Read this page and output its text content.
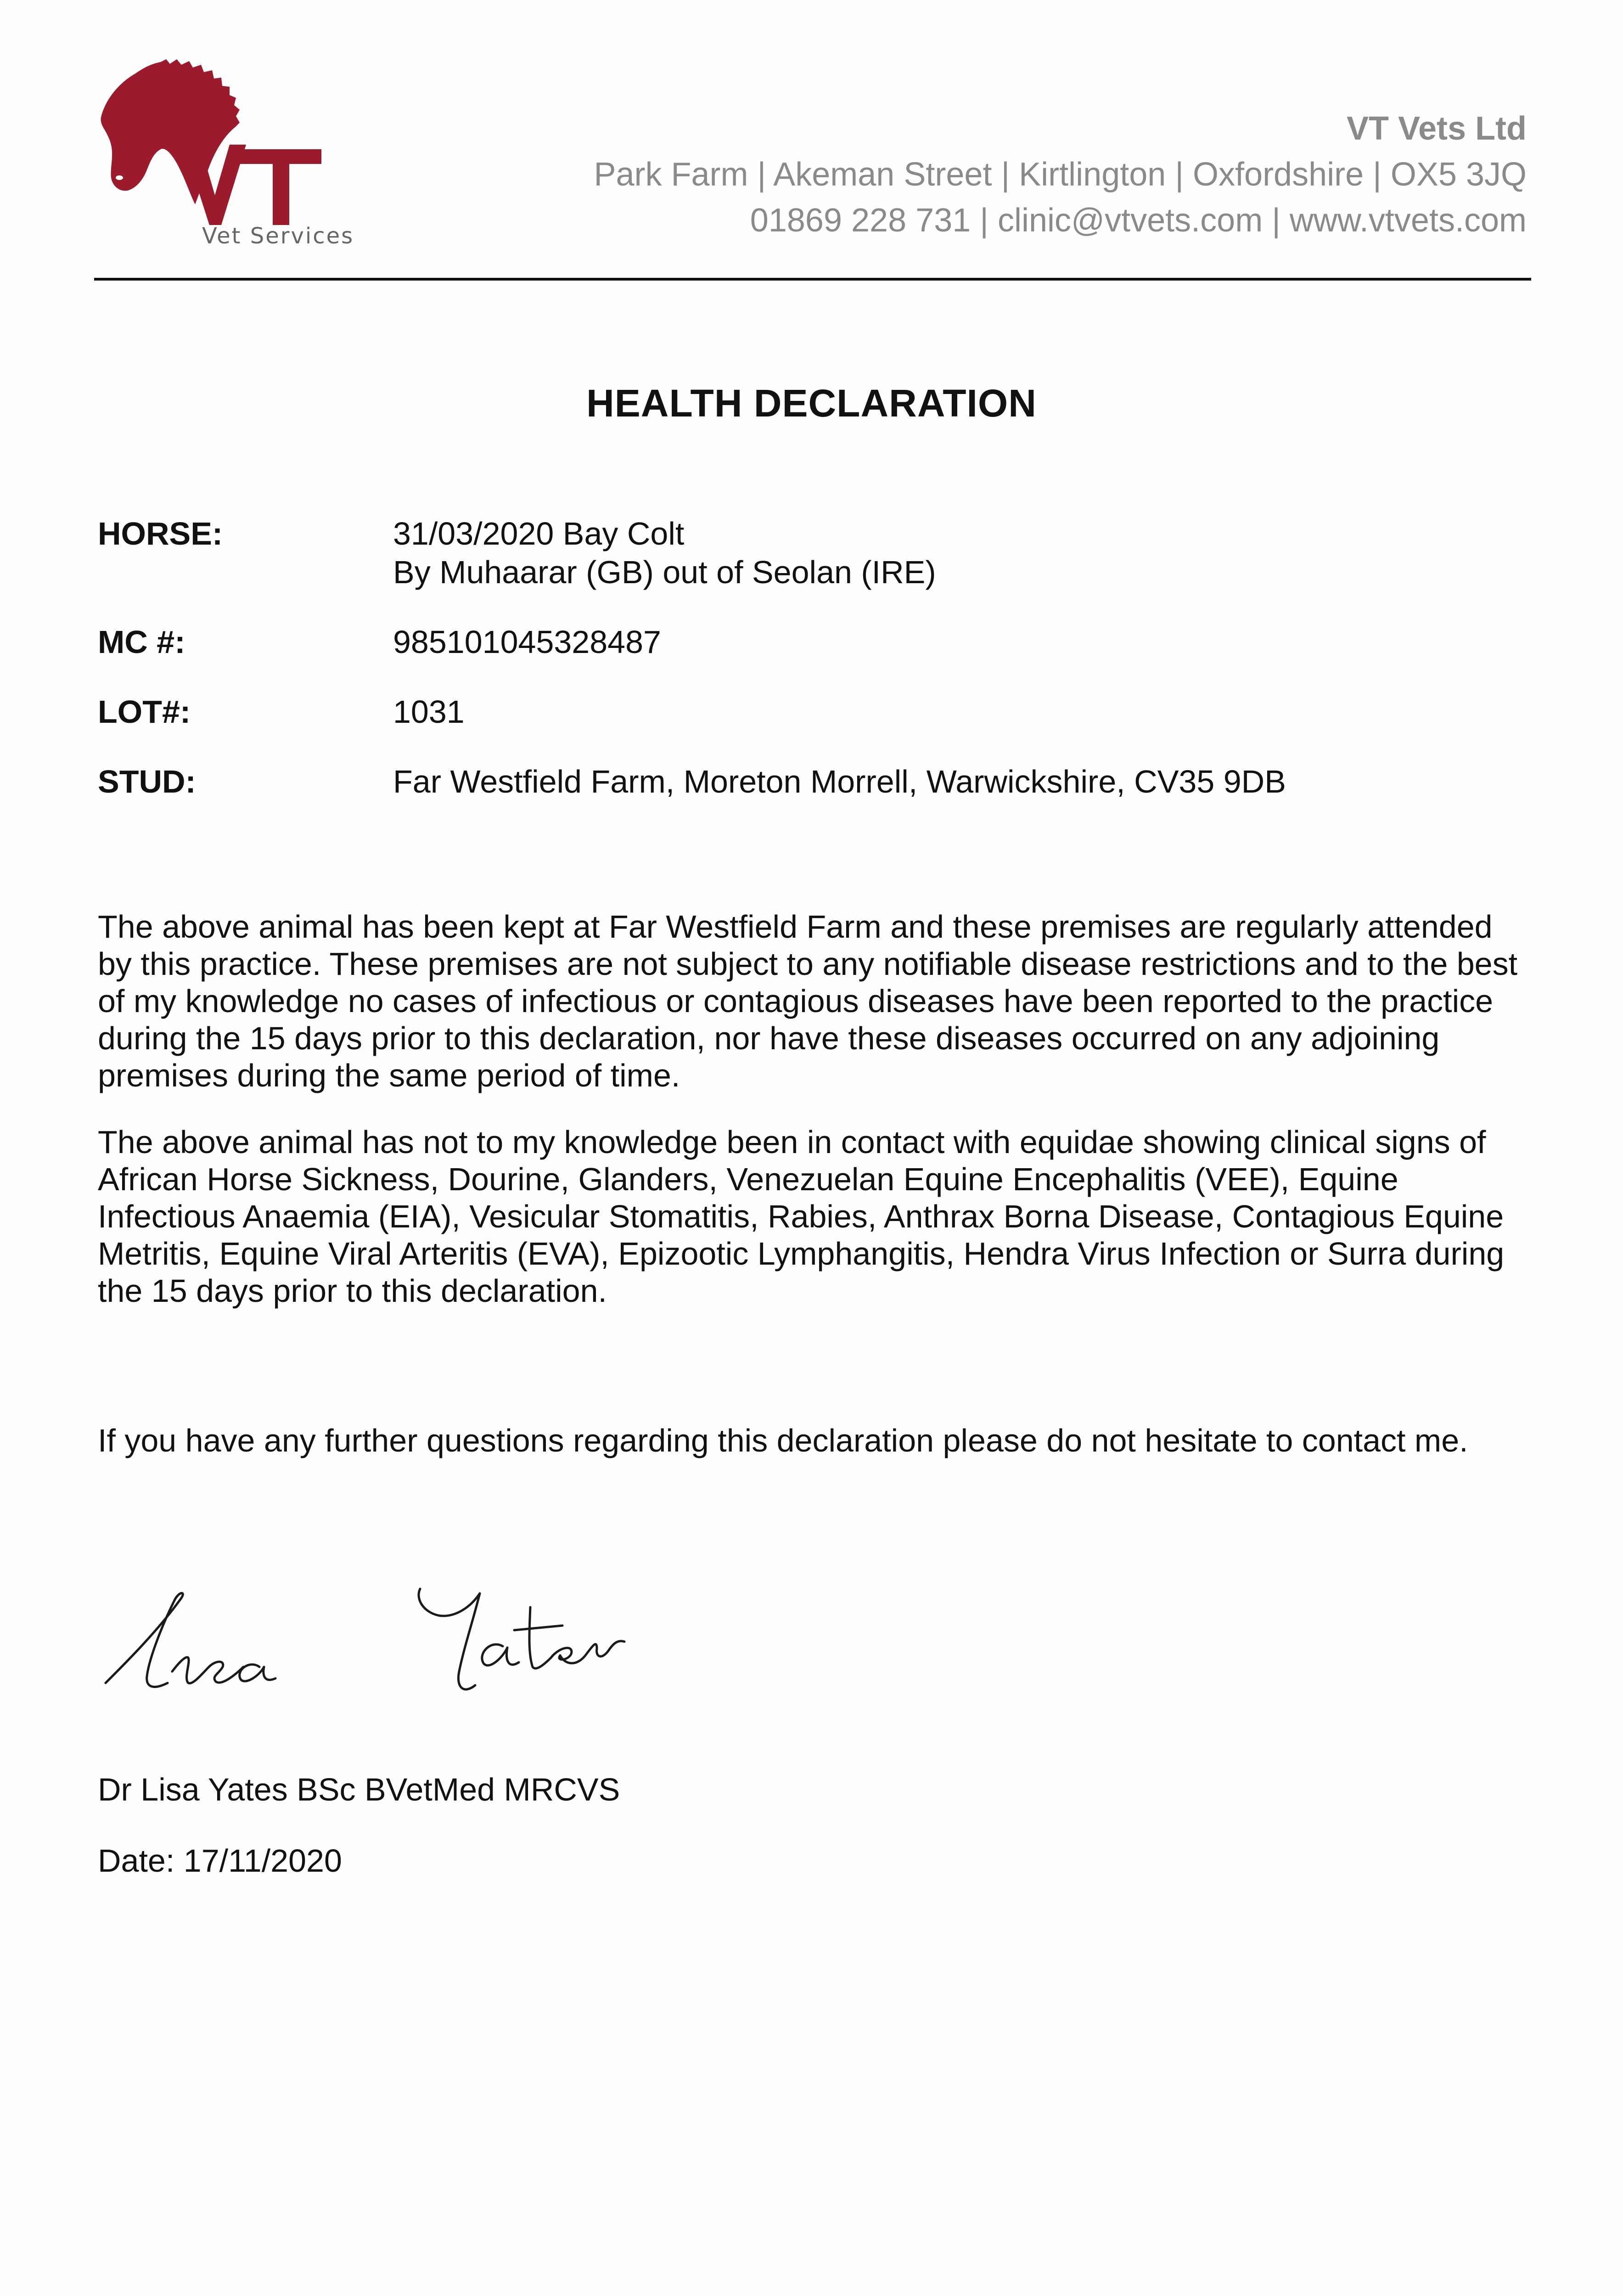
Vet Services
VT Vets Ltd
Park Farm | Akeman Street | Kirtlington | Oxfordshire | OX5 3JQ
01869 228 731 | clinic@vtvets.com | www.vtvets.com
HEALTH DECLARATION
HORSE:	31/03/2020 Bay Colt
By Muhaarar (GB) out of Seolan (IRE)
MC #:	985101045328487
LOT#:	1031
STUD:	Far Westfield Farm, Moreton Morrell, Warwickshire, CV35 9DB

The above animal has been kept at Far Westfield Farm and these premises are regularly attended by this practice. These premises are not subject to any notifiable disease restrictions and to the best of my knowledge no cases of infectious or contagious diseases have been reported to the practice during the 15 days prior to this declaration, nor have these diseases occurred on any adjoining premises during the same period of time.

The above animal has not to my knowledge been in contact with equidae showing clinical signs of African Horse Sickness, Dourine, Glanders, Venezuelan Equine Encephalitis (VEE), Equine Infectious Anaemia (EIA), Vesicular Stomatitis, Rabies, Anthrax Borna Disease, Contagious Equine Metritis, Equine Viral Arteritis (EVA), Epizootic Lymphangitis, Hendra Virus Infection or Surra during the 15 days prior to this declaration.

If you have any further questions regarding this declaration please do not hesitate to contact me.
Dr Lisa Yates BSc BVetMed MRCVS
Date: 17/11/2020
